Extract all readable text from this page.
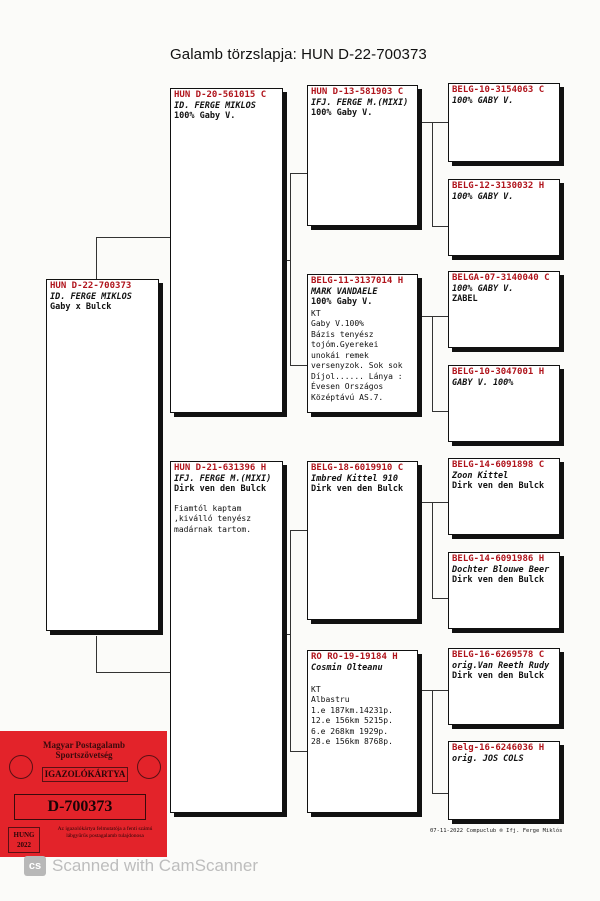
Galamb törzslapja: HUN D-22-700373
HUN D-22-700373
ID. FERGE MIKLOS
Gaby x Bulck
HUN D-20-561015 C
ID. FERGE MIKLOS
100% Gaby V.
HUN D-21-631396 H
IFJ. FERGE M.(MIXI)
Dirk ven den Bulck
Fiamtól kaptam
,kiválló tenyész
madárnak tartom.
HUN D-13-581903 C
IFJ. FERGE M.(MIXI)
100% Gaby V.
BELG-11-3137014 H
MARK VANDAELE
100% Gaby V.
KT
Gaby V.100%
Bázis tenyész
tojóm.Gyerekei
unokái remek
versenyzok. Sok sok
Díjol...... Lánya :
Évesen Országos
Középtávú AS.7.
BELG-18-6019910 C
Imbred Kittel 910
Dirk ven den Bulck
RO RO-19-19184 H
Cosmin Olteanu

KT
Albastru
1.e 187km.14231p.
12.e 156km 5215p.
6.e 268km 1929p.
28.e 156km 8768p.
BELG-10-3154063 C
100% GABY V.
BELG-12-3130032 H
100% GABY V.
BELGA-07-3140040 C
100% GABY V.
ZABEL
BELG-10-3047001 H
GABY V. 100%
BELG-14-6091898 C
Zoon Kittel
Dirk ven den Bulck
BELG-14-6091986 H
Dochter Blouwe Beer
Dirk ven den Bulck
BELG-16-6269578 C
orig.Van Reeth Rudy
Dirk ven den Bulck
Belg-16-6246036 H
orig. JOS COLS
07-11-2022 Compuclub ® Ifj. Ferge Miklós
Magyar Postagalamb Sportszövetség
IGAZOLÓKÁRTYA
D-700373
HUNG
2022
Az igazolókártya felmutatója a fenti számú lábgyűrűs postagalamb tulajdonosa
cs Scanned with CamScanner
